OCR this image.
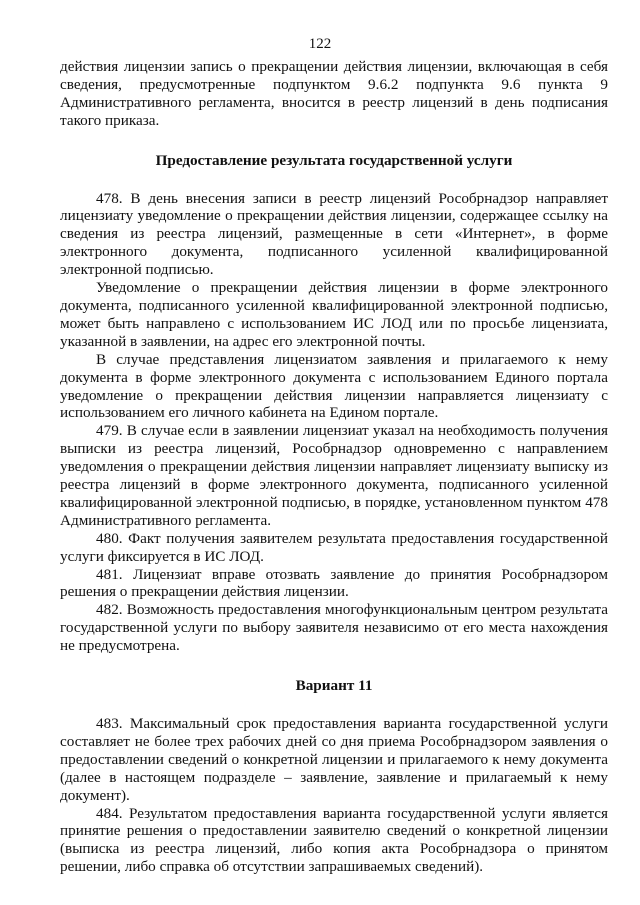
122

действия лицензии запись о прекращении действия лицензии, включающая в себя сведения, предусмотренные подпунктом 9.6.2 подпункта 9.6 пункта 9 Административного регламента, вносится в реестр лицензий в день подписания такого приказа.

Предоставление результата государственной услуги

478. В день внесения записи в реестр лицензий Рособрнадзор направляет лицензиату уведомление о прекращении действия лицензии, содержащее ссылку на сведения из реестра лицензий, размещенные в сети «Интернет», в форме электронного документа, подписанного усиленной квалифицированной электронной подписью.

Уведомление о прекращении действия лицензии в форме электронного документа, подписанного усиленной квалифицированной электронной подписью, может быть направлено с использованием ИС ЛОД или по просьбе лицензиата, указанной в заявлении, на адрес его электронной почты.

В случае представления лицензиатом заявления и прилагаемого к нему документа в форме электронного документа с использованием Единого портала уведомление о прекращении действия лицензии направляется лицензиату с использованием его личного кабинета на Едином портале.

479. В случае если в заявлении лицензиат указал на необходимость получения выписки из реестра лицензий, Рособрнадзор одновременно с направлением уведомления о прекращении действия лицензии направляет лицензиату выписку из реестра лицензий в форме электронного документа, подписанного усиленной квалифицированной электронной подписью, в порядке, установленном пунктом 478 Административного регламента.

480. Факт получения заявителем результата предоставления государственной услуги фиксируется в ИС ЛОД.

481. Лицензиат вправе отозвать заявление до принятия Рособрнадзором решения о прекращении действия лицензии.

482. Возможность предоставления многофункциональным центром результата государственной услуги по выбору заявителя независимо от его места нахождения не предусмотрена.

Вариант 11

483. Максимальный срок предоставления варианта государственной услуги составляет не более трех рабочих дней со дня приема Рособрнадзором заявления о предоставлении сведений о конкретной лицензии и прилагаемого к нему документа (далее в настоящем подразделе – заявление, заявление и прилагаемый к нему документ).

484. Результатом предоставления варианта государственной услуги является принятие решения о предоставлении заявителю сведений о конкретной лицензии (выписка из реестра лицензий, либо копия акта Рособрнадзора о принятом решении, либо справка об отсутствии запрашиваемых сведений).
